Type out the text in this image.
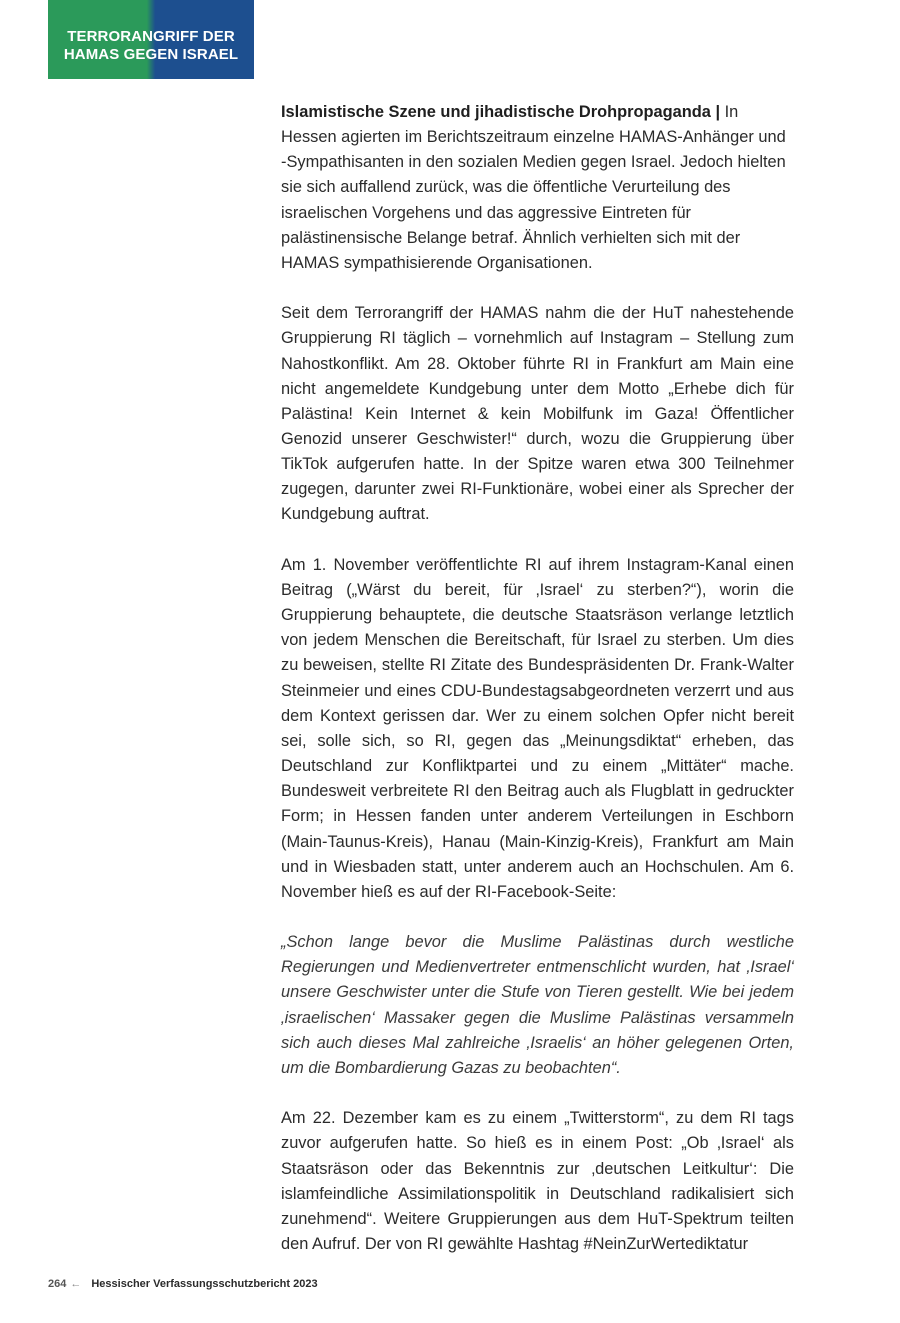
TERRORANGRIFF DER
HAMAS GEGEN ISRAEL

Islamistische Szene und jihadistische Drohpropaganda | In Hessen agierten im Berichtszeitraum einzelne HAMAS-Anhänger und -Sympathisanten in den sozialen Medien gegen Israel. Jedoch hielten sie sich auffallend zurück, was die öffentliche Verurteilung des israelischen Vorgehens und das aggressive Eintreten für palästinensische Belange betraf. Ähnlich verhielten sich mit der HAMAS sympathisierende Organisationen.

Seit dem Terrorangriff der HAMAS nahm die der HuT nahestehende Gruppierung RI täglich – vornehmlich auf Instagram – Stellung zum Nahostkonflikt. Am 28. Oktober führte RI in Frankfurt am Main eine nicht angemeldete Kundgebung unter dem Motto „Erhebe dich für Palästina! Kein Internet & kein Mobilfunk im Gaza! Öffentlicher Genozid unserer Geschwister!“ durch, wozu die Gruppierung über TikTok aufgerufen hatte. In der Spitze waren etwa 300 Teilnehmer zugegen, darunter zwei RI-Funktionäre, wobei einer als Sprecher der Kundgebung auftrat.

Am 1. November veröffentlichte RI auf ihrem Instagram-Kanal einen Beitrag („Wärst du bereit, für ‚Israel‘ zu sterben?“), worin die Gruppierung behauptete, die deutsche Staatsräson verlange letztlich von jedem Menschen die Bereitschaft, für Israel zu sterben. Um dies zu beweisen, stellte RI Zitate des Bundespräsidenten Dr. Frank-Walter Steinmeier und eines CDU-Bundestagsabgeordneten verzerrt und aus dem Kontext gerissen dar. Wer zu einem solchen Opfer nicht bereit sei, solle sich, so RI, gegen das „Meinungsdiktat“ erheben, das Deutschland zur Konfliktpartei und zu einem „Mittäter“ mache. Bundesweit verbreitete RI den Beitrag auch als Flugblatt in gedruckter Form; in Hessen fanden unter anderem Verteilungen in Eschborn (Main-Taunus-Kreis), Hanau (Main-Kinzig-Kreis), Frankfurt am Main und in Wiesbaden statt, unter anderem auch an Hochschulen. Am 6. November hieß es auf der RI-Facebook-Seite:

„Schon lange bevor die Muslime Palästinas durch westliche Regierungen und Medienvertreter entmenschlicht wurden, hat ‚Israel‘ unsere Geschwister unter die Stufe von Tieren gestellt. Wie bei jedem ‚israelischen‘ Massaker gegen die Muslime Palästinas versammeln sich auch dieses Mal zahlreiche ‚Israelis‘ an höher gelegenen Orten, um die Bombardierung Gazas zu beobachten“.

Am 22. Dezember kam es zu einem „Twitterstorm“, zu dem RI tags zuvor aufgerufen hatte. So hieß es in einem Post: „Ob ‚Israel‘ als Staatsräson oder das Bekenntnis zur ‚deutschen Leitkultur‘: Die islamfeindliche Assimilationspolitik in Deutschland radikalisiert sich zunehmend“. Weitere Gruppierungen aus dem HuT-Spektrum teilten den Aufruf. Der von RI gewählte Hashtag #NeinZurWertediktatur

264 ← Hessischer Verfassungsschutzbericht 2023
